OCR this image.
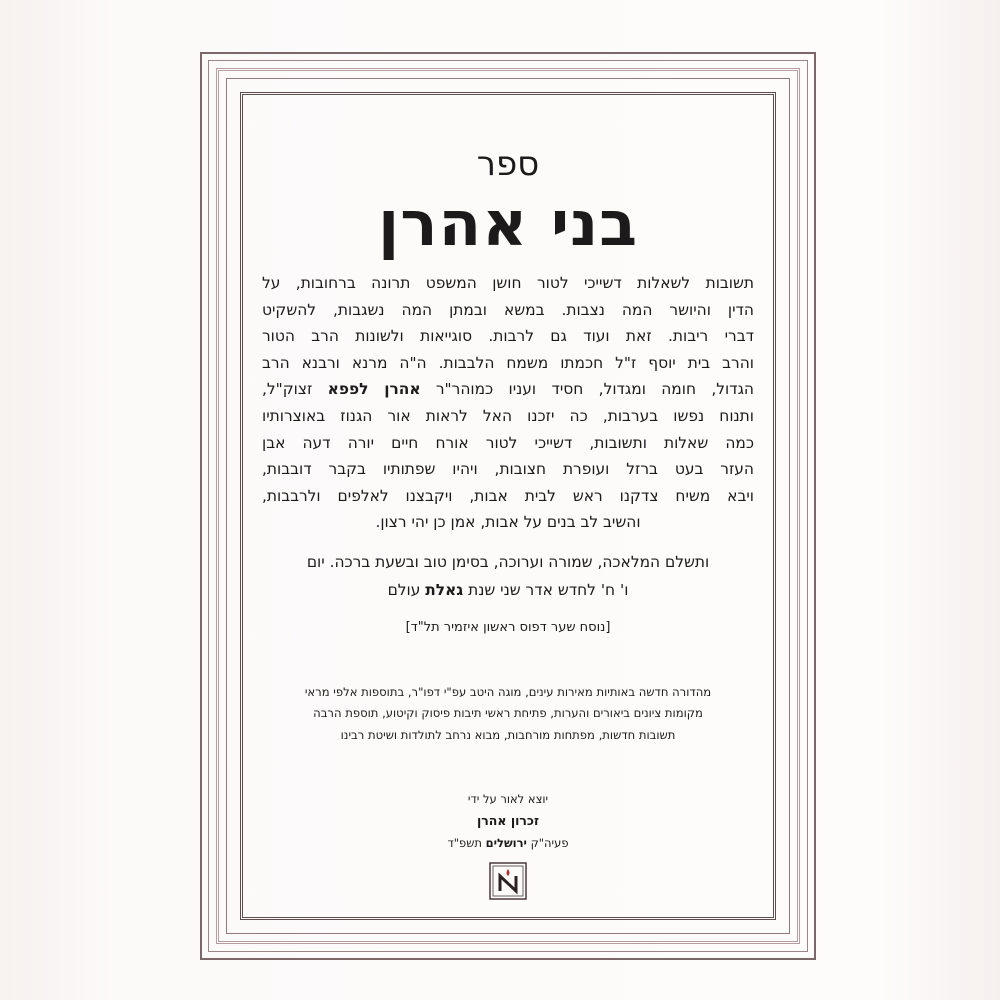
ספר
בני אהרן
תשובות לשאלות דשייכי לטור חושן המשפט תרונה ברחובות, על
הדין והיושר המה נצבות. במשא ובמתן המה נשגבות, להשקיט
דברי ריבות. זאת ועוד גם לרבות. סוגייאות ולשונות הרב הטור
והרב בית יוסף ז"ל חכמתו משמח הלבבות. ה"ה מרנא ורבנא הרב
הגדול, חומה ומגדול, חסיד ועניו כמוהר"ר אהרן לפפא זצוק"ל,
ותנוח נפשו בערבות, כה יזכנו האל לראות אור הגנוז באוצרותיו
כמה שאלות ותשובות, דשייכי לטור אורח חיים יורה דעה אבן
העזר בעט ברזל ועופרת חצובות, ויהיו שפתותיו בקבר דובבות,
ויבא משיח צדקנו ראש לבית אבות, ויקבצנו לאלפים ולרבבות,
והשיב לב בנים על אבות, אמן כן יהי רצון.
ותשלם המלאכה, שמורה וערוכה, בסימן טוב ובשעת ברכה. יום
ו' ח' לחדש אדר שני שנת גאלת עולם
[נוסח שער דפוס ראשון איזמיר תל"ד]
מהדורה חדשה באותיות מאירות עינים, מוגה היטב עפ"י דפו"ר, בתוספות אלפי מראי
מקומות ציונים ביאורים והערות, פתיחת ראשי תיבות פיסוק וקיטוע, תוספת הרבה
תשובות חדשות, מפתחות מורחבות, מבוא נרחב לתולדות ושיטת רבינו
יוצא לאור על ידי
זכרון אהרן
פעיה"ק ירושלים תשפ"ד
